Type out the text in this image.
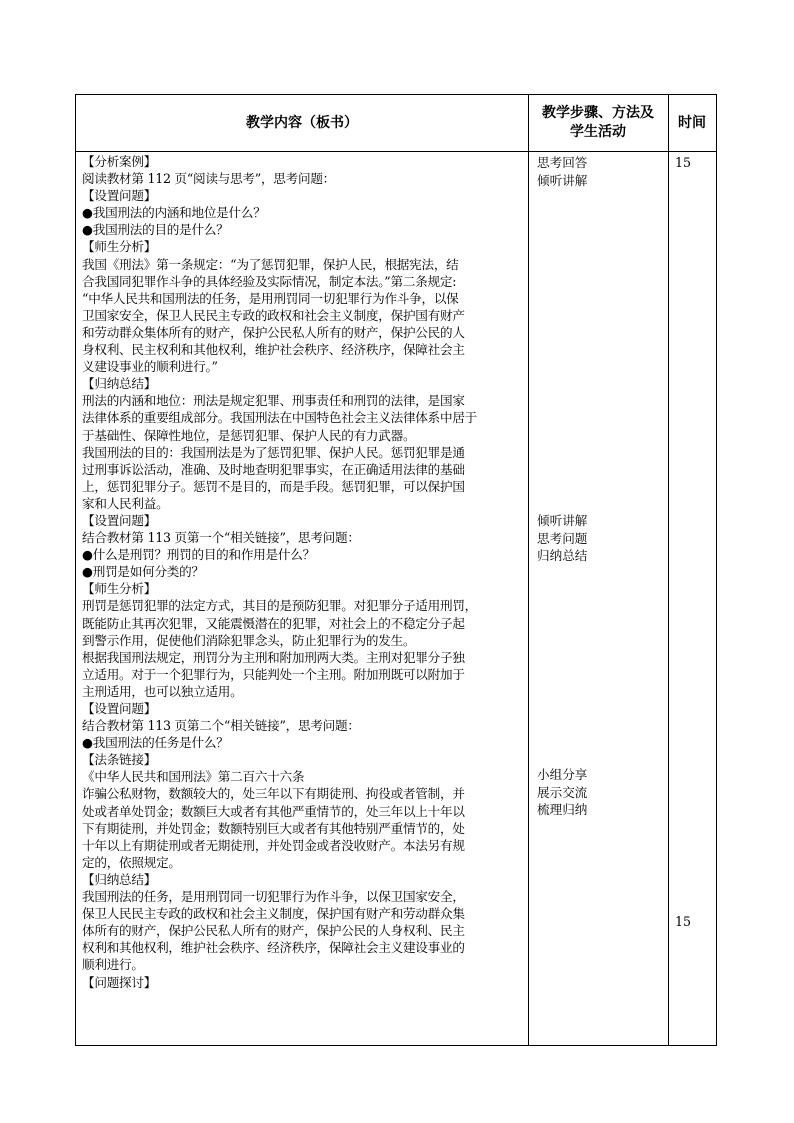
教学内容（板书）
教学步骤、方法及
学生活动
时间
【分析案例】
阅读教材第 112 页“阅读与思考”，思考问题：
【设置问题】
●我国刑法的内涵和地位是什么？
●我国刑法的目的是什么？
【师生分析】
我国《刑法》第一条规定：“为了惩罚犯罪，保护人民，根据宪法，结
合我国同犯罪作斗争的具体经验及实际情况，制定本法。”第二条规定:
“中华人民共和国刑法的任务，是用刑罚同一切犯罪行为作斗争，以保
卫国家安全，保卫人民民主专政的政权和社会主义制度，保护国有财产
和劳动群众集体所有的财产，保护公民私人所有的财产，保护公民的人
身权利、民主权利和其他权利，维护社会秩序、经济秩序，保障社会主
义建设事业的顺利进行。”
【归纳总结】
刑法的内涵和地位：刑法是规定犯罪、刑事责任和刑罚的法律，是国家
法律体系的重要组成部分。我国刑法在中国特色社会主义法律体系中居于
于基础性、保障性地位，是惩罚犯罪、保护人民的有力武器。
我国刑法的目的：我国刑法是为了惩罚犯罪、保护人民。惩罚犯罪是通
过刑事诉讼活动，准确、及时地查明犯罪事实，在正确适用法律的基础
上，惩罚犯罪分子。惩罚不是目的，而是手段。惩罚犯罪，可以保护国
家和人民利益。
【设置问题】
结合教材第 113 页第一个“相关链接”，思考问题：
●什么是刑罚？刑罚的目的和作用是什么？
●刑罚是如何分类的？
【师生分析】
刑罚是惩罚犯罪的法定方式，其目的是预防犯罪。对犯罪分子适用刑罚，
既能防止其再次犯罪，又能震慑潜在的犯罪，对社会上的不稳定分子起
到警示作用，促使他们消除犯罪念头，防止犯罪行为的发生。
根据我国刑法规定，刑罚分为主刑和附加刑两大类。主刑对犯罪分子独
立适用。对于一个犯罪行为，只能判处一个主刑。附加刑既可以附加于
主刑适用，也可以独立适用。
【设置问题】
结合教材第 113 页第二个“相关链接”，思考问题：
●我国刑法的任务是什么？
【法条链接】
《中华人民共和国刑法》第二百六十六条
诈骗公私财物，数额较大的，处三年以下有期徒刑、拘役或者管制，并
处或者单处罚金；数额巨大或者有其他严重情节的，处三年以上十年以
下有期徒刑，并处罚金；数额特别巨大或者有其他特别严重情节的，处
十年以上有期徒刑或者无期徒刑，并处罚金或者没收财产。本法另有规
定的，依照规定。
【归纳总结】
我国刑法的任务，是用刑罚同一切犯罪行为作斗争，以保卫国家安全，
保卫人民民主专政的政权和社会主义制度，保护国有财产和劳动群众集
体所有的财产，保护公民私人所有的财产，保护公民的人身权利、民主
权利和其他权利，维护社会秩序、经济秩序，保障社会主义建设事业的
顺利进行。
【问题探讨】
思考回答
倾听讲解
倾听讲解
思考问题
归纳总结
小组分享
展示交流
梳理归纳
15
15
